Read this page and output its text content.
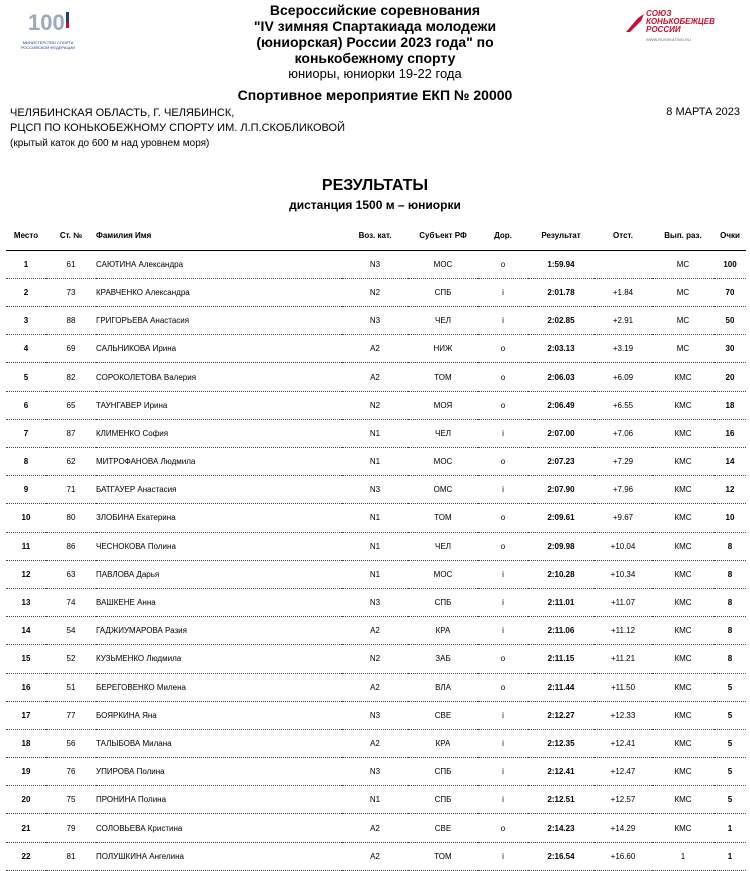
100
МИНИСТЕРСТВО СПОРТА РОССИЙСКОЙ ФЕДЕРАЦИИ
Всероссийские соревнования
"IV зимняя Спартакиада молодежи
(юниорская) России 2023 года" по
конькобежному спорту
юниоры, юниорки 19-22 года
СОЮЗ
КОНЬКОБЕЖЦЕВ
РОССИИ
WWW.RUSSKATING.RU
Спортивное мероприятие ЕКП № 20000
ЧЕЛЯБИНСКАЯ ОБЛАСТЬ, Г. ЧЕЛЯБИНСК,
РЦСП ПО КОНЬКОБЕЖНОМУ СПОРТУ ИМ. Л.П.СКОБЛИКОВОЙ
(крытый каток до 600 м над уровнем моря)
8 МАРТА 2023
РЕЗУЛЬТАТЫ
дистанция 1500 м – юниорки
Место	Ст. №	Фамилия Имя	Воз. кат.	Субъект РФ	Дор.	Результат	Отст.	Вып. раз.	Очки
1	61	САЮТИНА Александра	N3	МОС	o	1:59.94		МС	100
2	73	КРАВЧЕНКО Александра	N2	СПБ	i	2:01.78	+1.84	МС	70
3	88	ГРИГОРЬЕВА Анастасия	N3	ЧЕЛ	i	2:02.85	+2.91	МС	50
4	69	САЛЬНИКОВА Ирина	A2	НИЖ	o	2:03.13	+3.19	МС	30
5	82	СОРОКОЛЕТОВА Валерия	A2	ТОМ	o	2:06.03	+6.09	КМС	20
6	65	ТАУНГАВЕР Ирина	N2	МОЯ	o	2:06.49	+6.55	КМС	18
7	87	КЛИМЕНКО София	N1	ЧЕЛ	i	2:07.00	+7.06	КМС	16
8	62	МИТРОФАНОВА Людмила	N1	МОС	o	2:07.23	+7.29	КМС	14
9	71	БАТГАУЕР Анастасия	N3	ОМС	i	2:07.90	+7.96	КМС	12
10	80	ЗЛОБИНА Екатерина	N1	ТОМ	o	2:09.61	+9.67	КМС	10
11	86	ЧЕСНОКОВА Полина	N1	ЧЕЛ	o	2:09.98	+10.04	КМС	8
12	63	ПАВЛОВА Дарья	N1	МОС	i	2:10.28	+10.34	КМС	8
13	74	ВАШКЕНЕ Анна	N3	СПБ	i	2:11.01	+11.07	КМС	8
14	54	ГАДЖИУМАРОВА Разия	A2	КРА	i	2:11.06	+11.12	КМС	8
15	52	КУЗЬМЕНКО Людмила	N2	ЗАБ	o	2:11.15	+11.21	КМС	8
16	51	БЕРЕГОВЕНКО Милена	A2	ВЛА	o	2:11.44	+11.50	КМС	5
17	77	БОЯРКИНА Яна	N3	СВЕ	i	2:12.27	+12.33	КМС	5
18	56	ТАЛЫБОВА Милана	A2	КРА	i	2:12.35	+12.41	КМС	5
19	76	УПИРОВА Полина	N3	СПБ	i	2:12.41	+12.47	КМС	5
20	75	ПРОНИНА Полина	N1	СПБ	i	2:12.51	+12.57	КМС	5
21	79	СОЛОВЬЕВА Кристина	A2	СВЕ	o	2:14.23	+14.29	КМС	1
22	81	ПОЛУШКИНА Ангелина	A2	ТОМ	i	2:16.54	+16.60	1	1
